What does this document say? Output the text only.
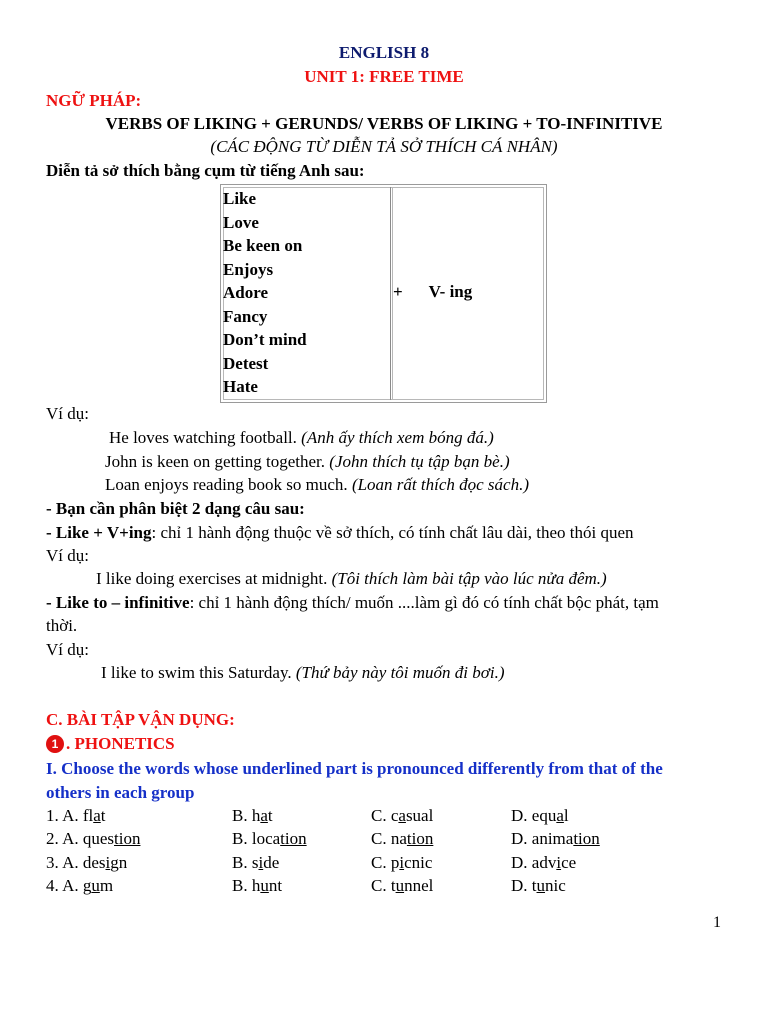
ENGLISH 8
UNIT 1: FREE TIME
NGỮ PHÁP:
VERBS OF LIKING + GERUNDS/ VERBS OF LIKING + TO-INFINITIVE
(CÁC ĐỘNG TỪ DIỄN TẢ SỞ THÍCH CÁ NHÂN)
Diễn tả sở thích bằng cụm từ tiếng Anh sau:
Like
Love
Be keen on
Enjoys
Adore
Fancy
Don’t mind
Detest
Hate
+ V- ing
Ví dụ:
He loves watching football. (Anh ấy thích xem bóng đá.)
John is keen on getting together. (John thích tụ tập bạn bè.)
Loan enjoys reading book so much. (Loan rất thích đọc sách.)
- Bạn cần phân biệt 2 dạng câu sau:
- Like + V+ing: chỉ 1 hành động thuộc về sở thích, có tính chất lâu dài, theo thói quen
Ví dụ:
I like doing exercises at midnight. (Tôi thích làm bài tập vào lúc nửa đêm.)
- Like to – infinitive: chỉ 1 hành động thích/ muốn ....làm gì đó có tính chất bộc phát, tạm
thời.
Ví dụ:
I like to swim this Saturday. (Thứ bảy này tôi muốn đi bơi.)
C. BÀI TẬP VẬN DỤNG:
1 . PHONETICS
I. Choose the words whose underlined part is pronounced differently from that of the
others in each group
1. A. flat	B. hat	C. casual	D. equal
2. A. question	B. location	C. nation	D. animation
3. A. design	B. side	C. picnic	D. advice
4. A. gum	B. hunt	C. tunnel	D. tunic
1
